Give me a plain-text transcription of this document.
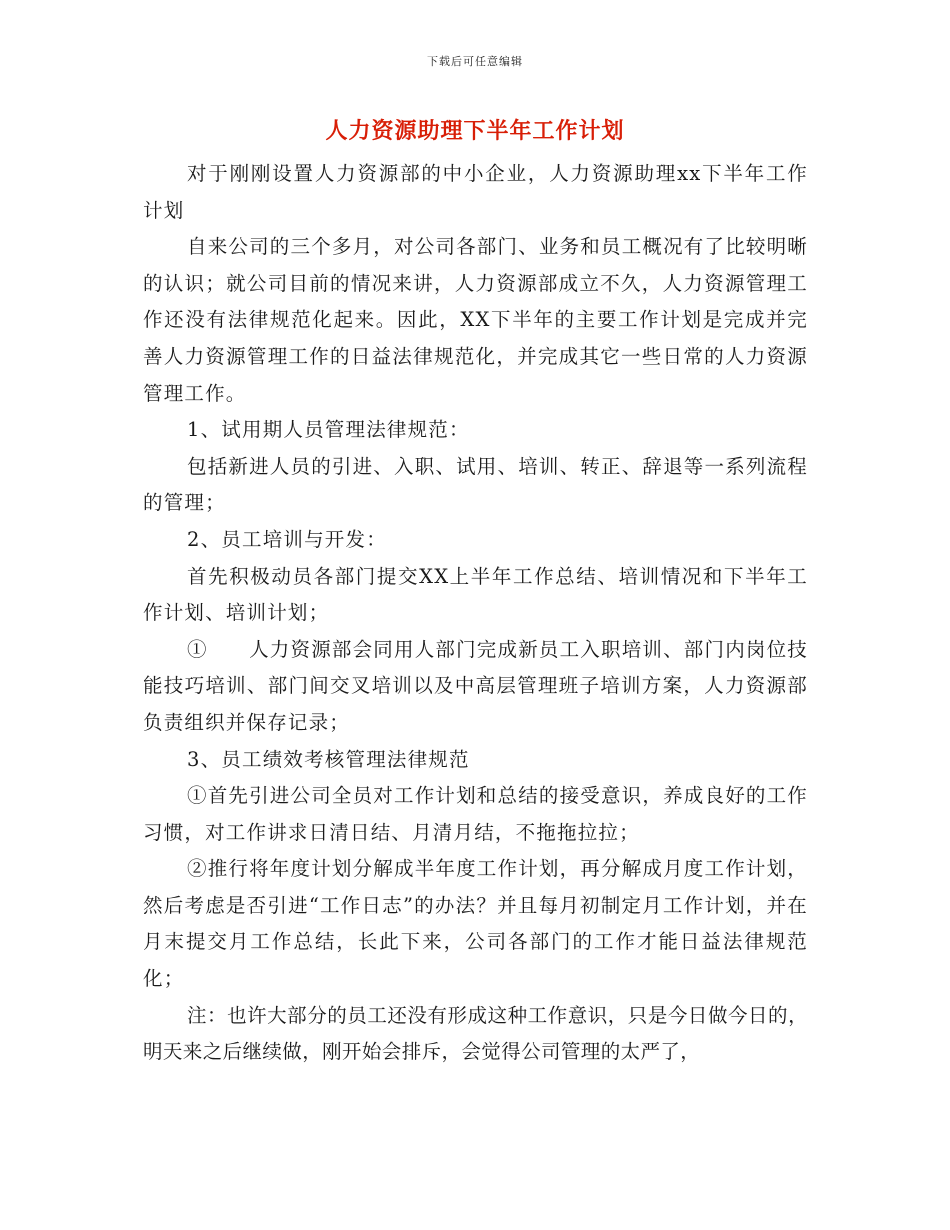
下载后可任意编辑
人力资源助理下半年工作计划

对于刚刚设置人力资源部的中小企业，人力资源助理xx下半年工作计划

自来公司的三个多月，对公司各部门、业务和员工概况有了比较明晰的认识；就公司目前的情况来讲，人力资源部成立不久，人力资源管理工作还没有法律规范化起来。因此，XX下半年的主要工作计划是完成并完善人力资源管理工作的日益法律规范化，并完成其它一些日常的人力资源管理工作。

1、试用期人员管理法律规范：

包括新进人员的引进、入职、试用、培训、转正、辞退等一系列流程的管理；

2、员工培训与开发：

首先积极动员各部门提交XX上半年工作总结、培训情况和下半年工作计划、培训计划；

①　　人力资源部会同用人部门完成新员工入职培训、部门内岗位技能技巧培训、部门间交叉培训以及中高层管理班子培训方案，人力资源部负责组织并保存记录；

3、员工绩效考核管理法律规范

①首先引进公司全员对工作计划和总结的接受意识，养成良好的工作习惯，对工作讲求日清日结、月清月结，不拖拖拉拉；

②推行将年度计划分解成半年度工作计划，再分解成月度工作计划，然后考虑是否引进“工作日志”的办法？并且每月初制定月工作计划，并在月末提交月工作总结，长此下来，公司各部门的工作才能日益法律规范化；

注：也许大部分的员工还没有形成这种工作意识，只是今日做今日的，明天来之后继续做，刚开始会排斥，会觉得公司管理的太严了，
